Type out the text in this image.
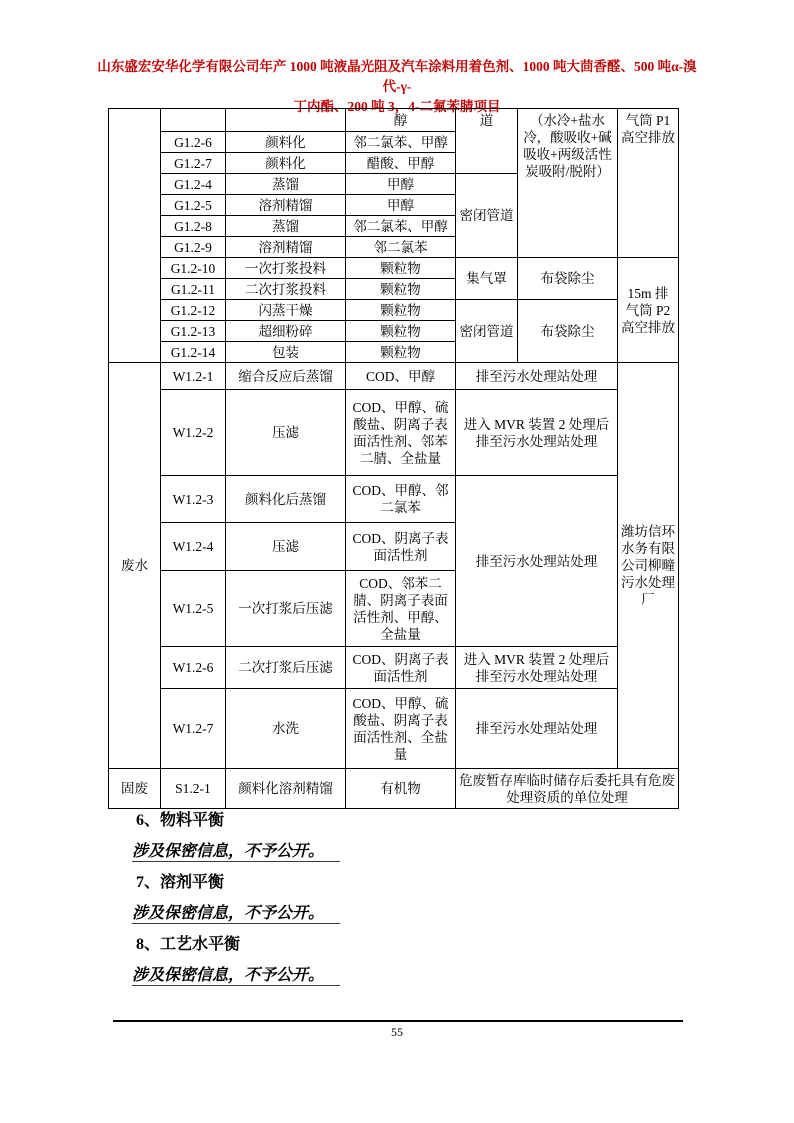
山东盛宏安华化学有限公司年产 1000 吨液晶光阻及汽车涂料用着色剂、1000 吨大茴香醛、500 吨α-溴代-γ-
丁内酯、200 吨 3，4-二氟苯腈项目
			醇	道	（水冷+盐水冷，酸吸收+碱吸收+两级活性炭吸附/脱附）	气筒 P1 高空排放
	G1.2-6	颜料化	邻二氯苯、甲醇			
	G1.2-7	颜料化	醋酸、甲醇			
	G1.2-4	蒸馏	甲醇	密闭管道		
	G1.2-5	溶剂精馏	甲醇			
	G1.2-8	蒸馏	邻二氯苯、甲醇			
	G1.2-9	溶剂精馏	邻二氯苯			
	G1.2-10	一次打浆投料	颗粒物	集气罩	布袋除尘	15m 排气筒 P2 高空排放
	G1.2-11	二次打浆投料	颗粒物			
	G1.2-12	闪蒸干燥	颗粒物	密闭管道	布袋除尘	
	G1.2-13	超细粉碎	颗粒物			
	G1.2-14	包装	颗粒物			
废水	W1.2-1	缩合反应后蒸馏	COD、甲醇	排至污水处理站处理		潍坊信环水务有限公司柳疃污水处理厂
	W1.2-2	压滤	COD、甲醇、硫酸盐、阴离子表面活性剂、邻苯二腈、全盐量	进入 MVR 装置 2 处理后排至污水处理站处理		
	W1.2-3	颜料化后蒸馏	COD、甲醇、邻二氯苯	排至污水处理站处理		
	W1.2-4	压滤	COD、阴离子表面活性剂			
	W1.2-5	一次打浆后压滤	COD、邻苯二腈、阴离子表面活性剂、甲醇、全盐量			
	W1.2-6	二次打浆后压滤	COD、阴离子表面活性剂	进入 MVR 装置 2 处理后排至污水处理站处理		
	W1.2-7	水洗	COD、甲醇、硫酸盐、阴离子表面活性剂、全盐量	排至污水处理站处理		
固废	S1.2-1	颜料化溶剂精馏	有机物	危废暂存库临时储存后委托具有危废处理资质的单位处理		
6、物料平衡

涉及保密信息，不予公开。

7、溶剂平衡

涉及保密信息，不予公开。

8、工艺水平衡

涉及保密信息，不予公开。

55
